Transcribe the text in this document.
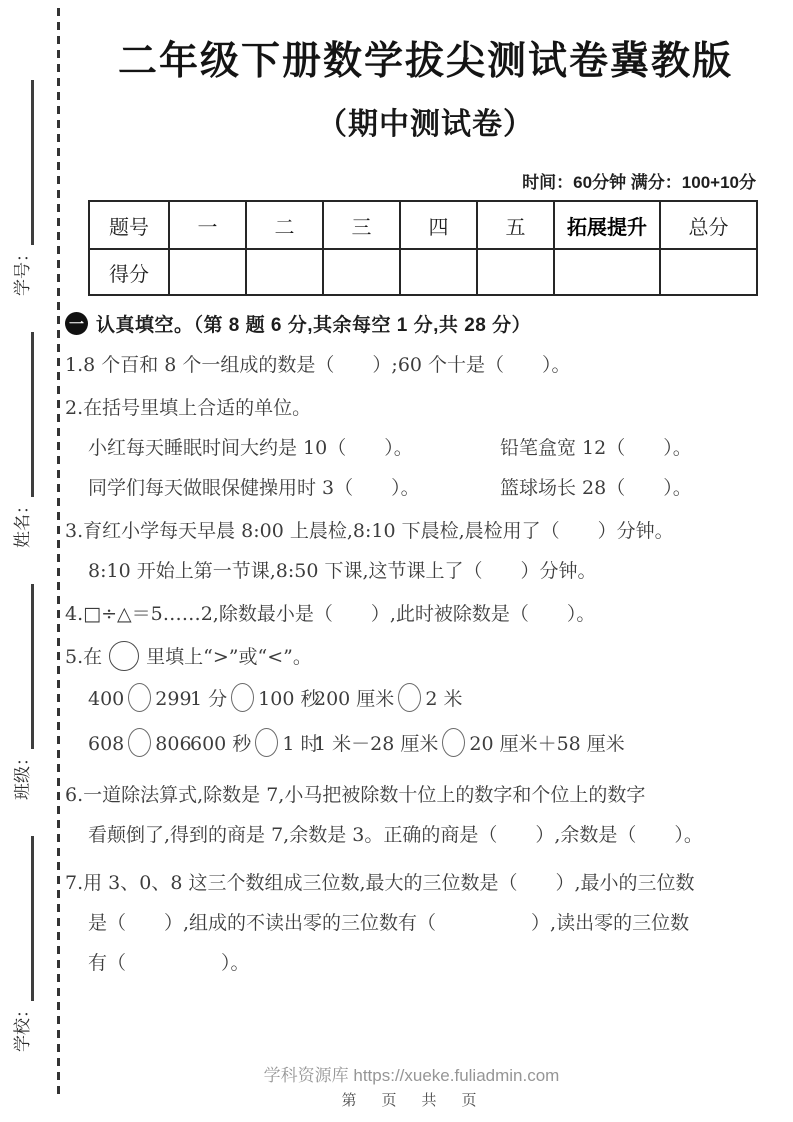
学校：
班级：
姓名：
学号：
二年级下册数学拔尖测试卷冀教版
（期中测试卷）
时间：60分钟 满分：100+10分
题号	一	二	三	四	五	拓展提升	总分
得分							
一 认真填空。（第 8 题 6 分,其余每空 1 分,共 28 分）
1.8 个百和 8 个一组成的数是（　　）;60 个十是（　　）。
2.在括号里填上合适的单位。
小红每天睡眠时间大约是 10（　　）。	铅笔盒宽 12（　　）。
同学们每天做眼保健操用时 3（　　）。	篮球场长 28（　　）。
3.育红小学每天早晨 8:00 上晨检,8:10 下晨检,晨检用了（　　）分钟。
8:10 开始上第一节课,8:50 下课,这节课上了（　　）分钟。
4.□÷△＝5……2,除数最小是（　　）,此时被除数是（　　）。
5.在 里填上“>”或“<”。
400 299
1 分 100 秒
200 厘米 2 米
608 806
600 秒 1 时
1 米－28 厘米 20 厘米＋58 厘米
6.一道除法算式,除数是 7,小马把被除数十位上的数字和个位上的数字
看颠倒了,得到的商是 7,余数是 3。正确的商是（　　）,余数是（　　）。
7.用 3、0、8 这三个数组成三位数,最大的三位数是（　　）,最小的三位数
是（　　）,组成的不读出零的三位数有（　　　　　）,读出零的三位数
有（　　　　　）。
学科资源库 https://xueke.fuliadmin.com
第　页　共　页
